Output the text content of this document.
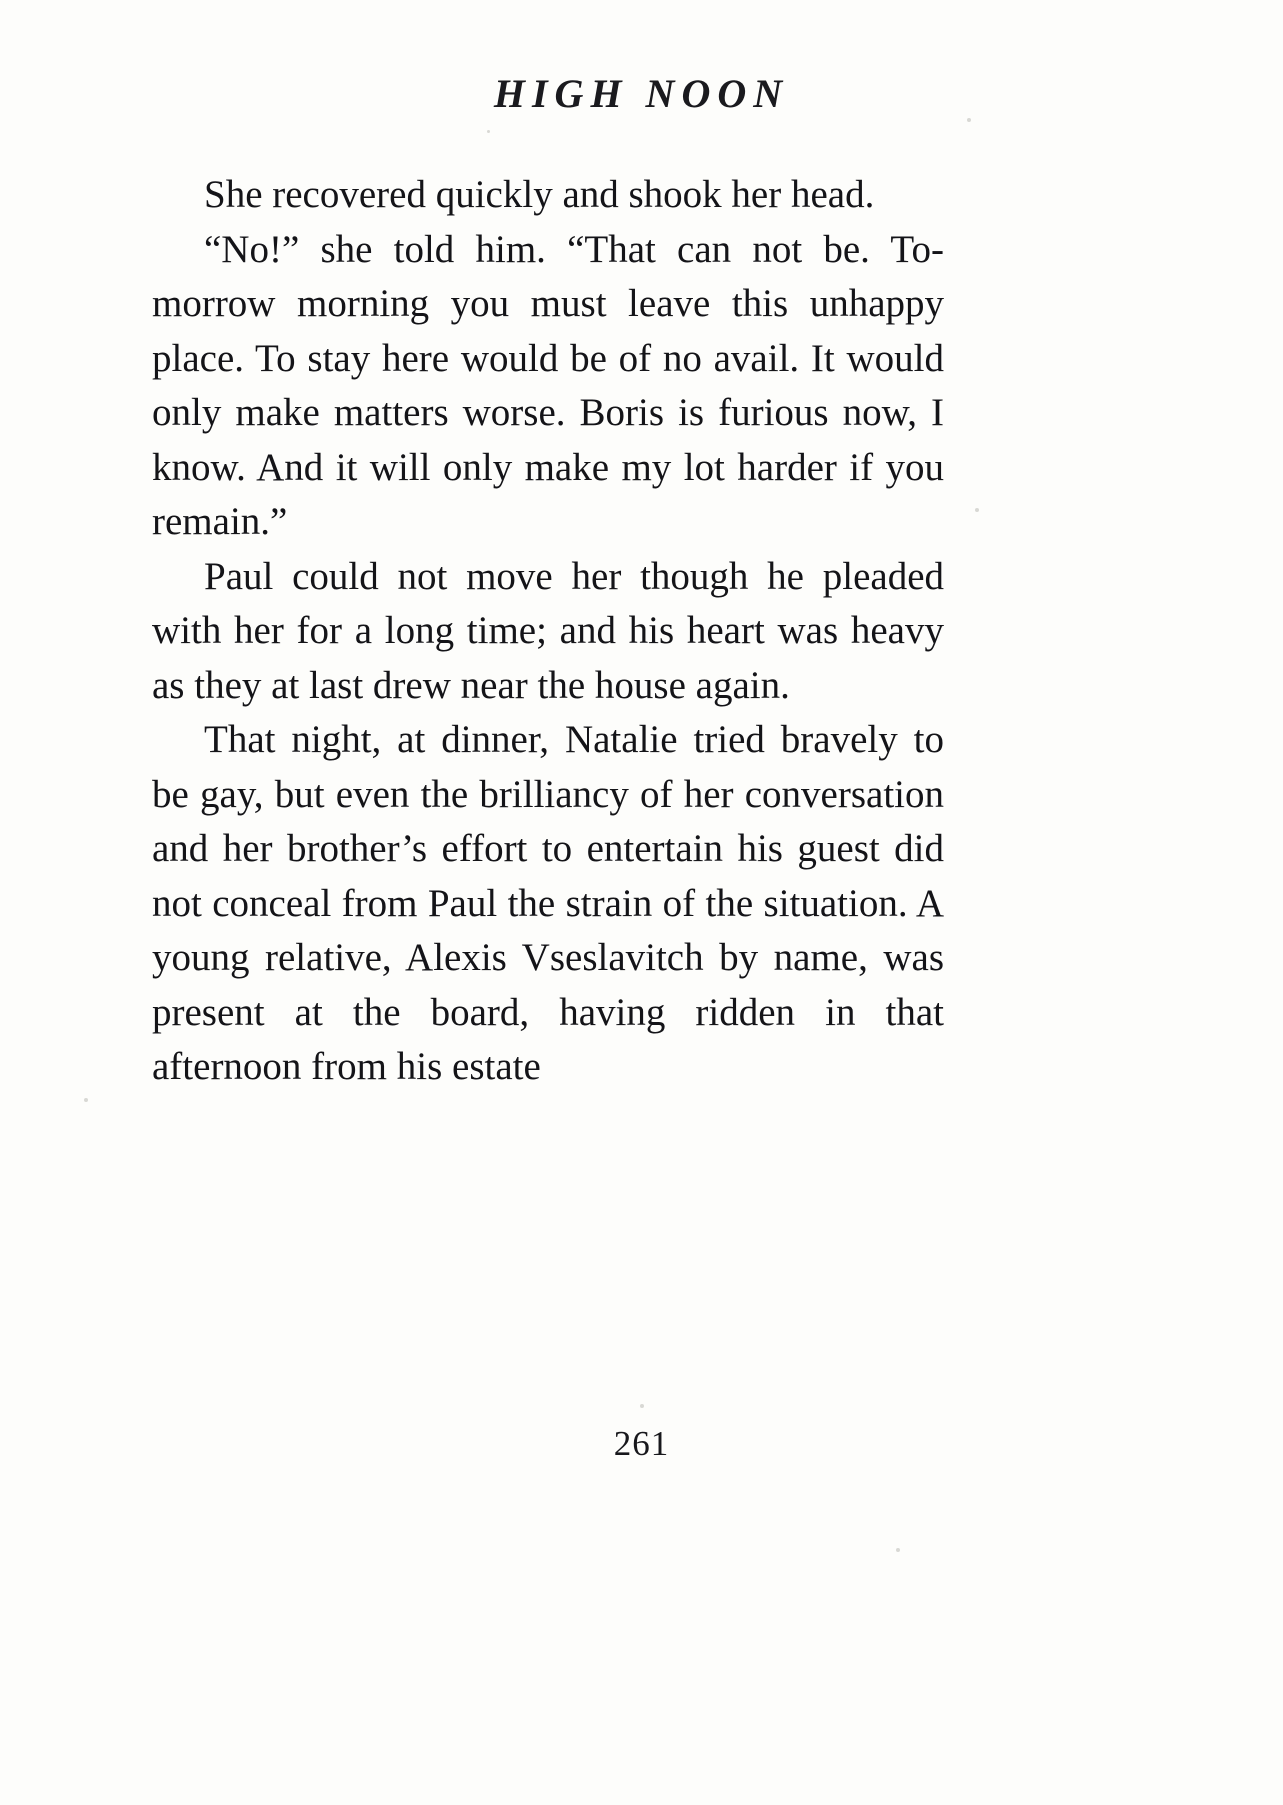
HIGH NOON

She recovered quickly and shook her head.

“No!” she told him. “That can not be. To-morrow morning you must leave this unhappy place. To stay here would be of no avail. It would only make matters worse. Boris is furious now, I know. And it will only make my lot harder if you remain.”

Paul could not move her though he pleaded with her for a long time; and his heart was heavy as they at last drew near the house again.

That night, at dinner, Natalie tried bravely to be gay, but even the brilliancy of her conversation and her brother’s effort to entertain his guest did not conceal from Paul the strain of the situation. A young relative, Alexis Vseslavitch by name, was present at the board, having ridden in that afternoon from his estate

261
